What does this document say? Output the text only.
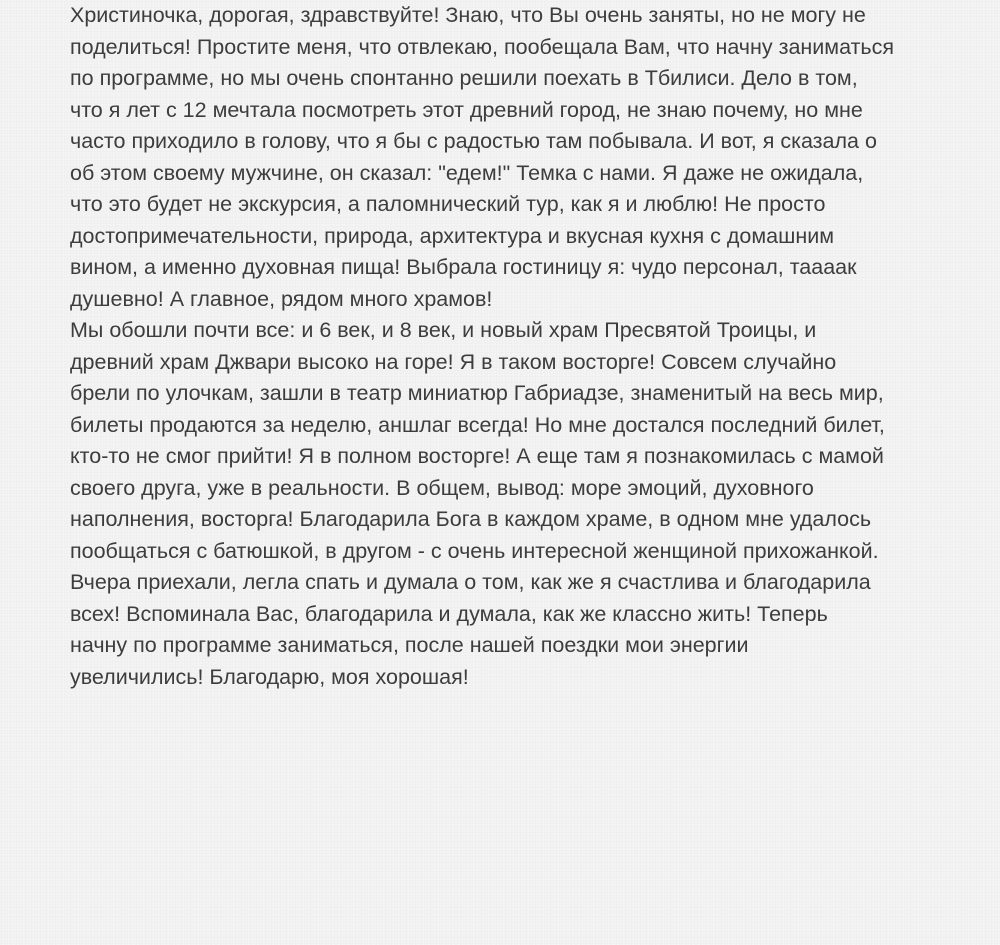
Христиночка, дорогая, здравствуйте! Знаю, что Вы очень заняты, но не могу не
поделиться! Простите меня, что отвлекаю, пообещала Вам, что начну заниматься
по программе, но мы очень спонтанно решили поехать в Тбилиси. Дело в том,
что я лет с 12 мечтала посмотреть этот древний город, не знаю почему, но мне
часто приходило в голову, что я бы с радостью там побывала. И вот, я сказала о
об этом своему мужчине, он сказал: "едем!" Темка с нами. Я даже не ожидала,
что это будет не экскурсия, а паломнический тур, как я и люблю! Не просто
достопримечательности, природа, архитектура и вкусная кухня с домашним
вином, а именно духовная пища! Выбрала гостиницу я: чудо персонал, тааaак
душевно! А главное, рядом много храмов!
Мы обошли почти все: и 6 век, и 8 век, и новый храм Пресвятой Троицы, и
древний храм Джвари высоко на горе! Я в таком восторге! Совсем случайно
брели по улочкам, зашли в театр миниатюр Габриадзе, знаменитый на весь мир,
билеты продаются за неделю, аншлаг всегда! Но мне достался последний билет,
кто-то не смог прийти! Я в полном восторге! А еще там я познакомилась с мамой
своего друга, уже в реальности. В общем, вывод: море эмоций, духовного
наполнения, восторга! Благодарила Бога в каждом храме, в одном мне удалось
пообщаться с батюшкой, в другом - с очень интересной женщиной прихожанкой.
Вчера приехали, легла спать и думала о том, как же я счастлива и благодарила
всех! Вспоминала Вас, благодарила и думала, как же классно жить! Теперь
начну по программе заниматься, после нашей поездки мои энергии
увеличились! Благодарю, моя хорошая!
